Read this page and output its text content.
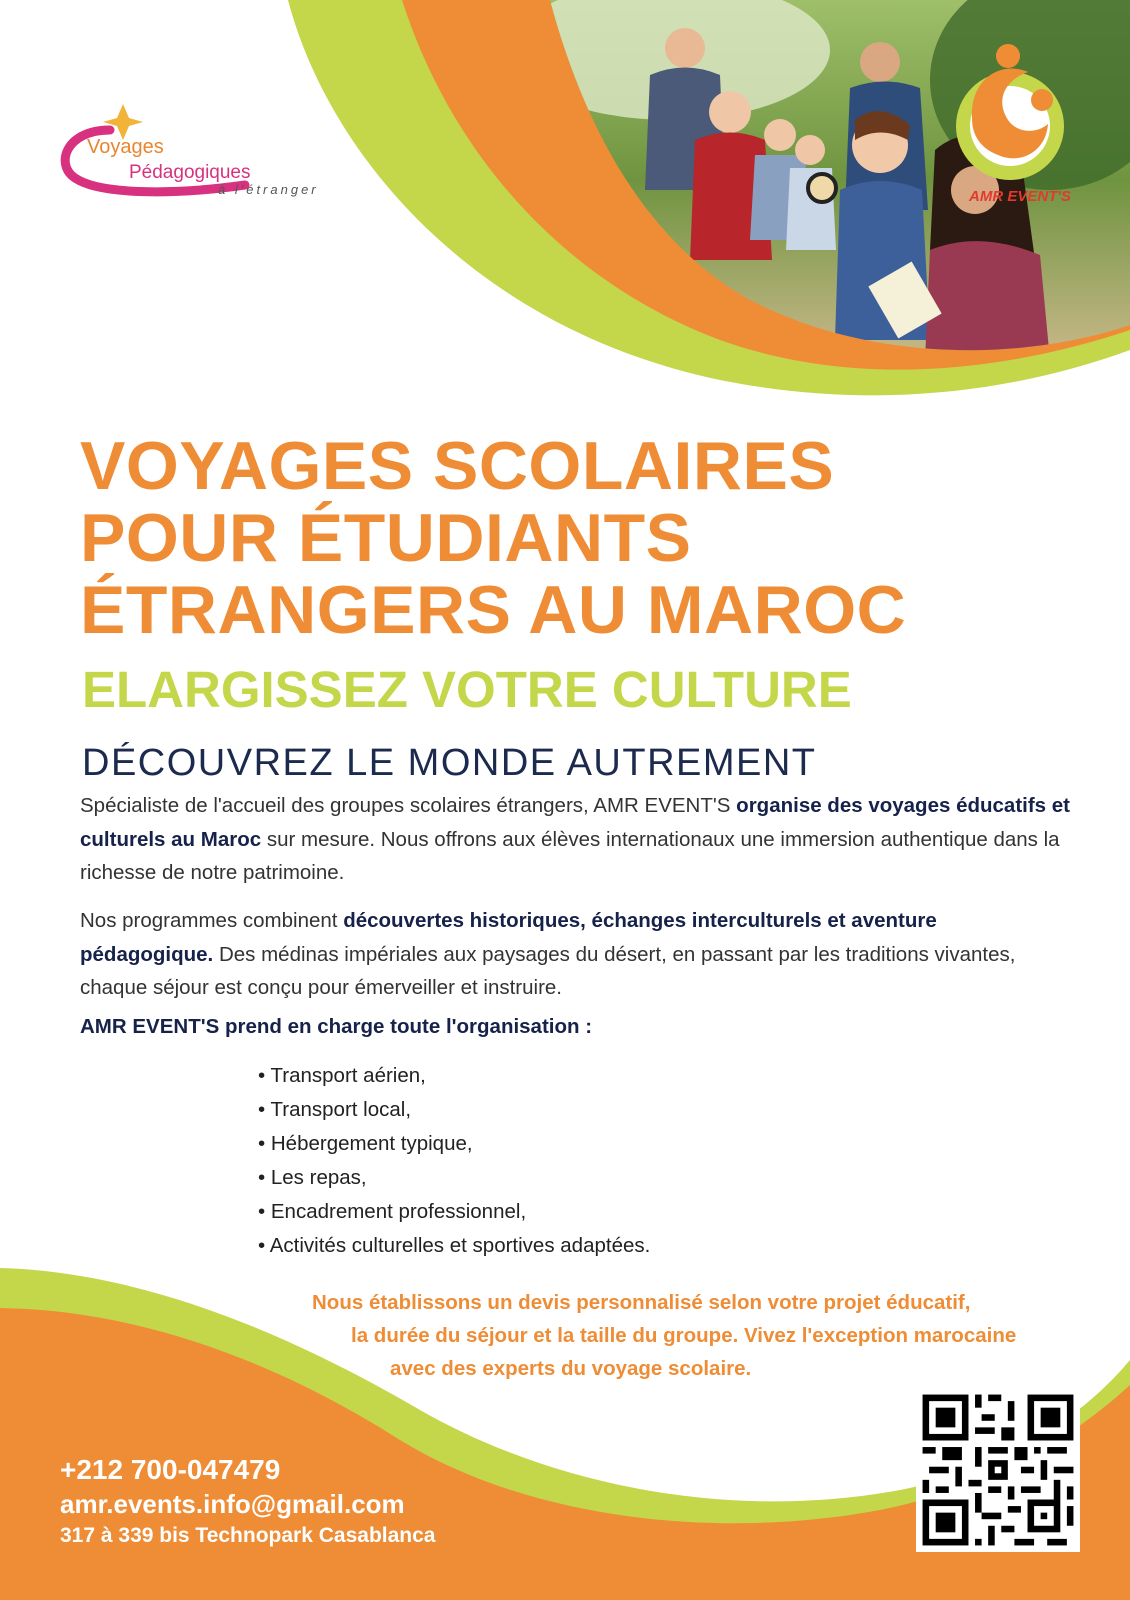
Voyages
Pédagogiques
à l'étranger	AMR EVENT'S
VOYAGES SCOLAIRES
POUR ÉTUDIANTS
ÉTRANGERS AU MAROC
ELARGISSEZ VOTRE CULTURE
DÉCOUVREZ LE MONDE AUTREMENT

Spécialiste de l'accueil des groupes scolaires étrangers, AMR EVENT'S organise des voyages éducatifs et culturels au Maroc sur mesure. Nous offrons aux élèves internationaux une immersion authentique dans la richesse de notre patrimoine.

Nos programmes combinent découvertes historiques, échanges interculturels et aventure pédagogique. Des médinas impériales aux paysages du désert, en passant par les traditions vivantes, chaque séjour est conçu pour émerveiller et instruire.

AMR EVENT'S prend en charge toute l'organisation :
• Transport aérien,
• Transport local,
• Hébergement typique,
• Les repas,
• Encadrement professionnel,
• Activités culturelles et sportives adaptées.
Nous établissons un devis personnalisé selon votre projet éducatif,
la durée du séjour et la taille du groupe. Vivez l'exception marocaine
avec des experts du voyage scolaire.
+212 700-047479
amr.events.info@gmail.com
317 à 339 bis Technopark Casablanca
